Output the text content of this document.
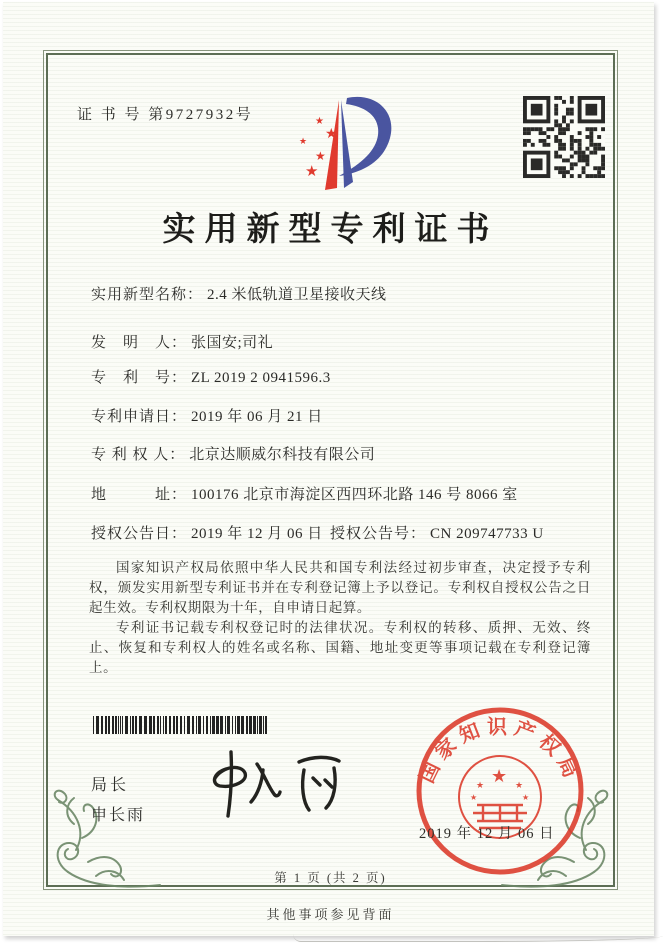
证 书 号 第9727932号	★
★
★
★
★
实用新型专利证书
实用新型名称： 2.4 米低轨道卫星接收天线
发　明　人： 张国安;司礼
专　利　号： ZL 2019 2 0941596.3
专利申请日： 2019 年 06 月 21 日
专 利 权 人： 北京达顺威尔科技有限公司
地　　　址： 100176 北京市海淀区西四环北路 146 号 8066 室
授权公告日： 2019 年 12 月 06 日 授权公告号： CN 209747733 U

国家知识产权局依照中华人民共和国专利法经过初步审查，决定授予专利权，颁发实用新型专利证书并在专利登记簿上予以登记。专利权自授权公告之日起生效。专利权期限为十年，自申请日起算。

专利证书记载专利权登记时的法律状况。专利权的转移、质押、无效、终止、恢复和专利权人的姓名或名称、国籍、地址变更等事项记载在专利登记簿上。

局长
申长雨
国家知识产权局
★
★	★
★	★
2019 年 12 月 06 日
第 1 页 (共 2 页)
其他事项参见背面
